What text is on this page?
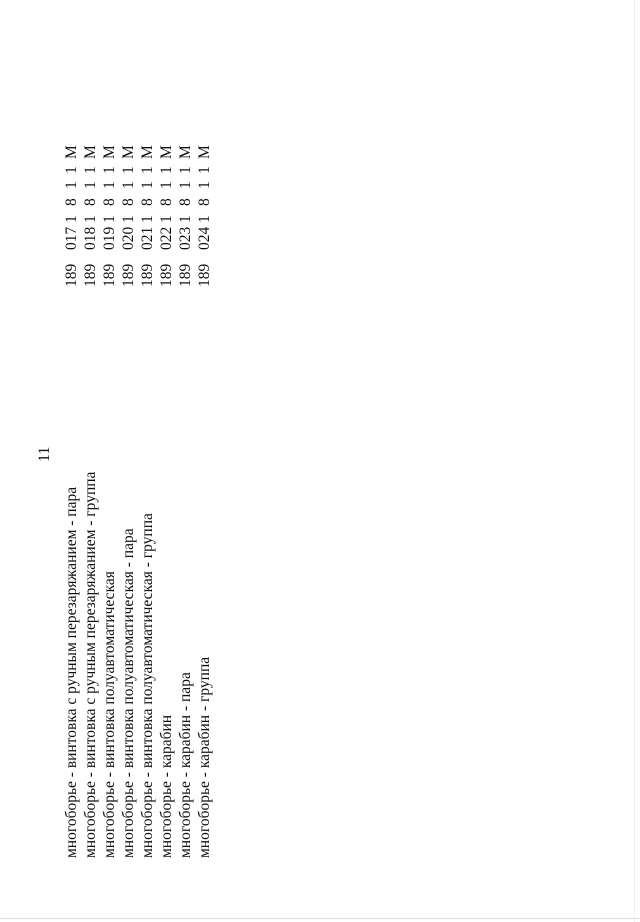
11
многоборье - винтовка с ручным перезаряжанием - пара многоборье - винтовка с ручным перезаряжанием - группа многоборье - винтовка полуавтоматическая многоборье - винтовка полуавтоматическая - пара многоборье - винтовка полуавтоматическая - группа многоборье - карабин многоборье - карабин - пара многоборье - карабин - группа
189
017
1
8
1
1
М
189
018
1
8
1
1
М
189
019
1
8
1
1
М
189
020
1
8
1
1
М
189
021
1
8
1
1
М
189
022
1
8
1
1
М
189
023
1
8
1
1
М
189
024
1
8
1
1
М
